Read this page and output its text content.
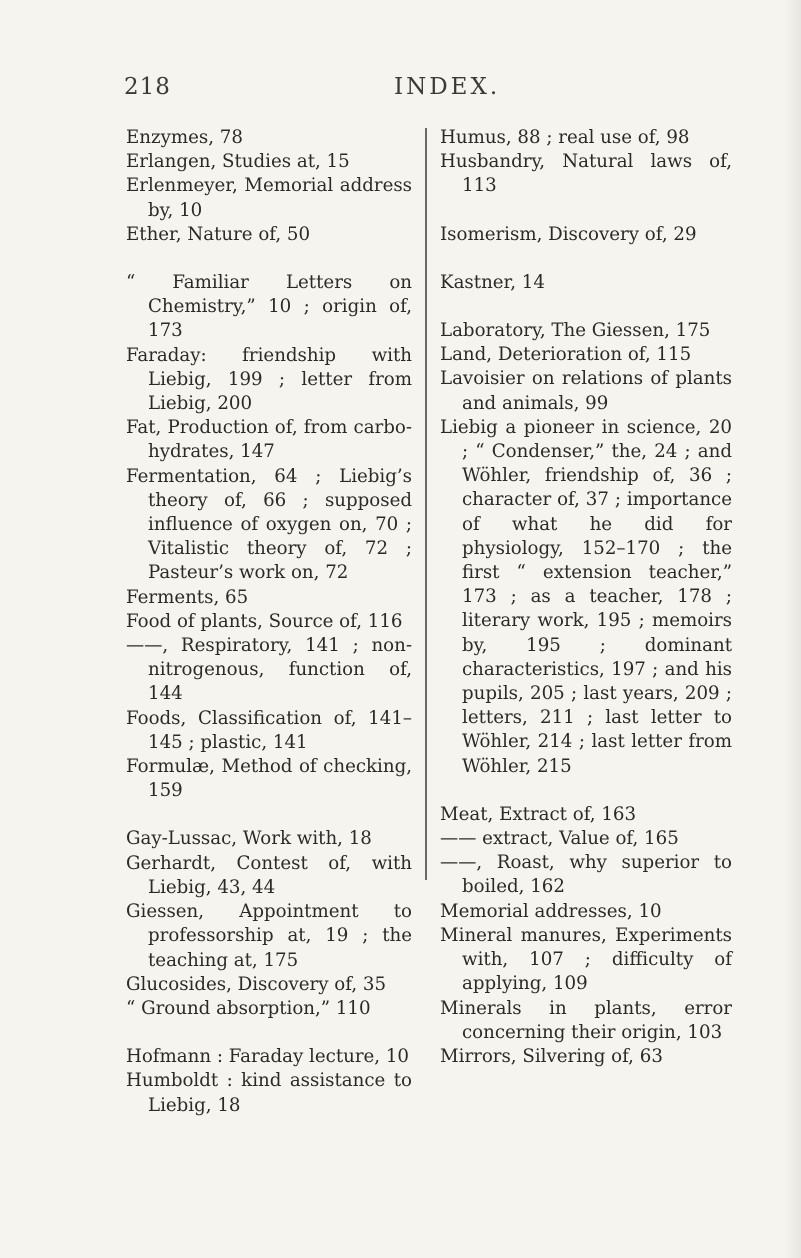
218	INDEX.
Enzymes, 78
Erlangen, Studies at, 15
Erlenmeyer, Memorial address by, 10
Ether, Nature of, 50
“ Familiar Letters on Chemistry,” 10 ; origin of, 173
Faraday: friendship with Liebig, 199 ; letter from Liebig, 200
Fat, Production of, from carbo-hydrates, 147
Fermentation, 64 ; Liebig’s theory of, 66 ; supposed influence of oxygen on, 70 ; Vitalistic theory of, 72 ; Pasteur’s work on, 72
Ferments, 65
Food of plants, Source of, 116
——, Respiratory, 141 ; non-nitrogenous, function of, 144
Foods, Classification of, 141–145 ; plastic, 141
Formulæ, Method of checking, 159
Gay-Lussac, Work with, 18
Gerhardt, Contest of, with Liebig, 43, 44
Giessen, Appointment to professorship at, 19 ; the teaching at, 175
Glucosides, Discovery of, 35
“ Ground absorption,” 110
Hofmann : Faraday lecture, 10
Humboldt : kind assistance to Liebig, 18
Humus, 88 ; real use of, 98
Husbandry, Natural laws of, 113
Isomerism, Discovery of, 29
Kastner, 14
Laboratory, The Giessen, 175
Land, Deterioration of, 115
Lavoisier on relations of plants and animals, 99
Liebig a pioneer in science, 20 ; “ Condenser,” the, 24 ; and Wöhler, friendship of, 36 ; character of, 37 ; importance of what he did for physiology, 152–170 ; the first “ extension teacher,” 173 ; as a teacher, 178 ; literary work, 195 ; memoirs by, 195 ; dominant characteristics, 197 ; and his pupils, 205 ; last years, 209 ; letters, 211 ; last letter to Wöhler, 214 ; last letter from Wöhler, 215
Meat, Extract of, 163
—— extract, Value of, 165
——, Roast, why superior to boiled, 162
Memorial addresses, 10
Mineral manures, Experiments with, 107 ; difficulty of applying, 109
Minerals in plants, error concerning their origin, 103
Mirrors, Silvering of, 63
